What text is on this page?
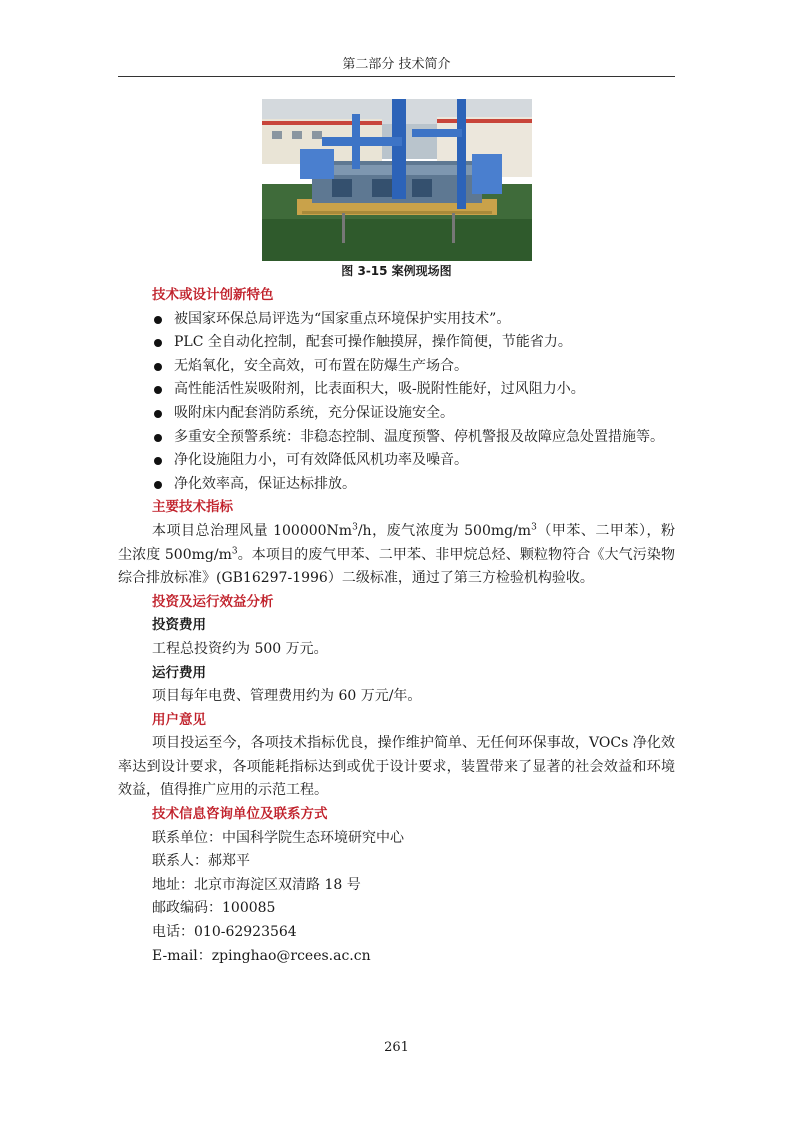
第二部分 技术简介
图 3-15 案例现场图
技术或设计创新特色
被国家环保总局评选为“国家重点环境保护实用技术”。
PLC 全自动化控制，配套可操作触摸屏，操作简便，节能省力。
无焰氧化，安全高效，可布置在防爆生产场合。
高性能活性炭吸附剂，比表面积大，吸-脱附性能好，过风阻力小。
吸附床内配套消防系统，充分保证设施安全。
多重安全预警系统：非稳态控制、温度预警、停机警报及故障应急处置措施等。
净化设施阻力小，可有效降低风机功率及噪音。
净化效率高，保证达标排放。
主要技术指标
本项目总治理风量 100000Nm$^3$/h，废气浓度为 $500mg/m^3$（甲苯、二甲苯），粉尘浓度 $500mg/m^3$。本项目的废气甲苯、二甲苯、非甲烷总烃、颗粒物符合《大气污染物综合排放标准》(GB16297-1996）二级标准，通过了第三方检验机构验收。
投资及运行效益分析
投资费用
工程总投资约为 500 万元。
运行费用
项目每年电费、管理费用约为 60 万元/年。
用户意见
项目投运至今，各项技术指标优良，操作维护简单、无任何环保事故，VOCs 净化效率达到设计要求，各项能耗指标达到或优于设计要求，装置带来了显著的社会效益和环境效益，值得推广应用的示范工程。
技术信息咨询单位及联系方式
联系单位：中国科学院生态环境研究中心
联系人：郝郑平
地址：北京市海淀区双清路 18 号
邮政编码：100085
电话：010-62923564
E-mail：zpinghao@rcees.ac.cn
261
